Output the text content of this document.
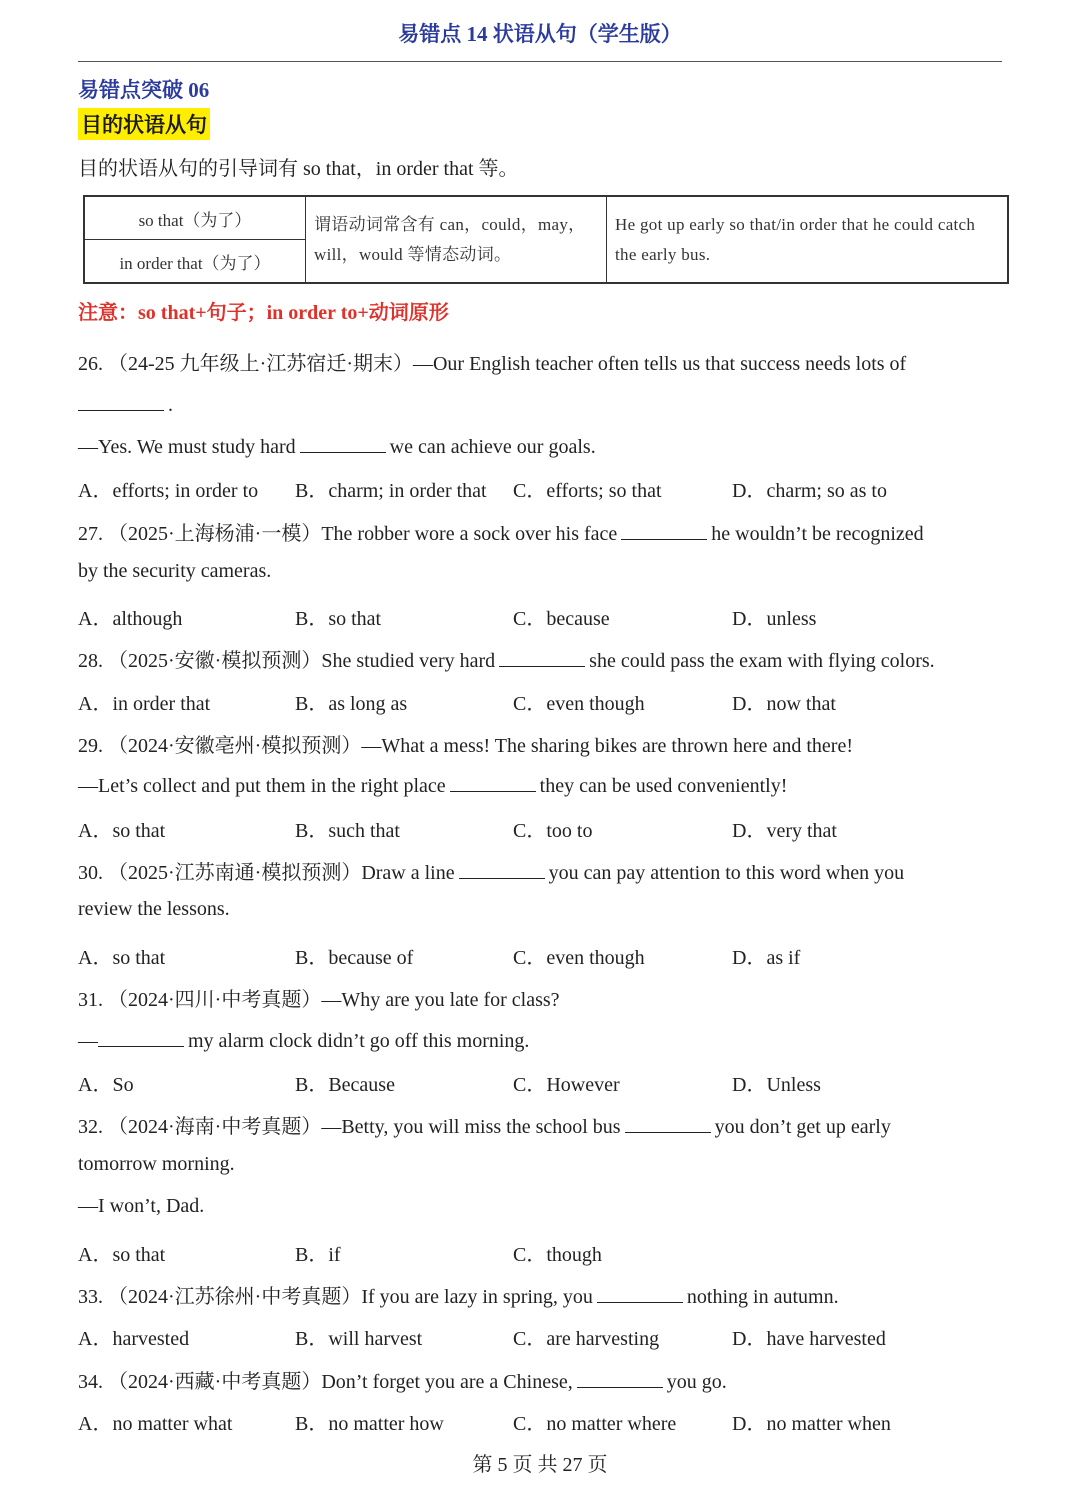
易错点 14 状语从句（学生版）
易错点突破 06
目的状语从句
目的状语从句的引导词有 so that，in order that 等。
so that（为了）	谓语动词常含有 can，could，may，will，would 等情态动词。	He got up early so that/in order that he could catch the early bus.
in order that（为了）
注意：so that+句子；in order to+动词原形
26. （24-25 九年级上·江苏宿迁·期末）—Our English teacher often tells us that success needs lots of
.
—Yes. We must study hard	we can achieve our goals.
A．efforts; in order to B．charm; in order that C．efforts; so that	D．charm; so as to
27. （2025·上海杨浦·一模）The robber wore a sock over his face	he wouldn’t be recognized
by the security cameras.
A．although	B．so that	C．because	D．unless
28. （2025·安徽·模拟预测）She studied very hard	she could pass the exam with flying colors.
A．in order that	B．as long as	C．even though	D．now that
29. （2024·安徽亳州·模拟预测）—What a mess! The sharing bikes are thrown here and there!
—Let’s collect and put them in the right place	they can be used conveniently!
A．so that	B．such that	C．too to	D．very that
30. （2025·江苏南通·模拟预测）Draw a line	you can pay attention to this word when you
review the lessons.
A．so that	B．because of	C．even though	D．as if
31. （2024·四川·中考真题）—Why are you late for class?
—	my alarm clock didn’t go off this morning.
A．So	B．Because	C．However	D．Unless
32. （2024·海南·中考真题）—Betty, you will miss the school bus	you don’t get up early
tomorrow morning.
—I won’t, Dad.
A．so that	B．if	C．though
33. （2024·江苏徐州·中考真题）If you are lazy in spring, you	nothing in autumn.
A．harvested	B．will harvest	C．are harvesting	D．have harvested
34. （2024·西藏·中考真题）Don’t forget you are a Chinese,	you go.
A．no matter what	B．no matter how	C．no matter where	D．no matter when
第 5 页 共 27 页
